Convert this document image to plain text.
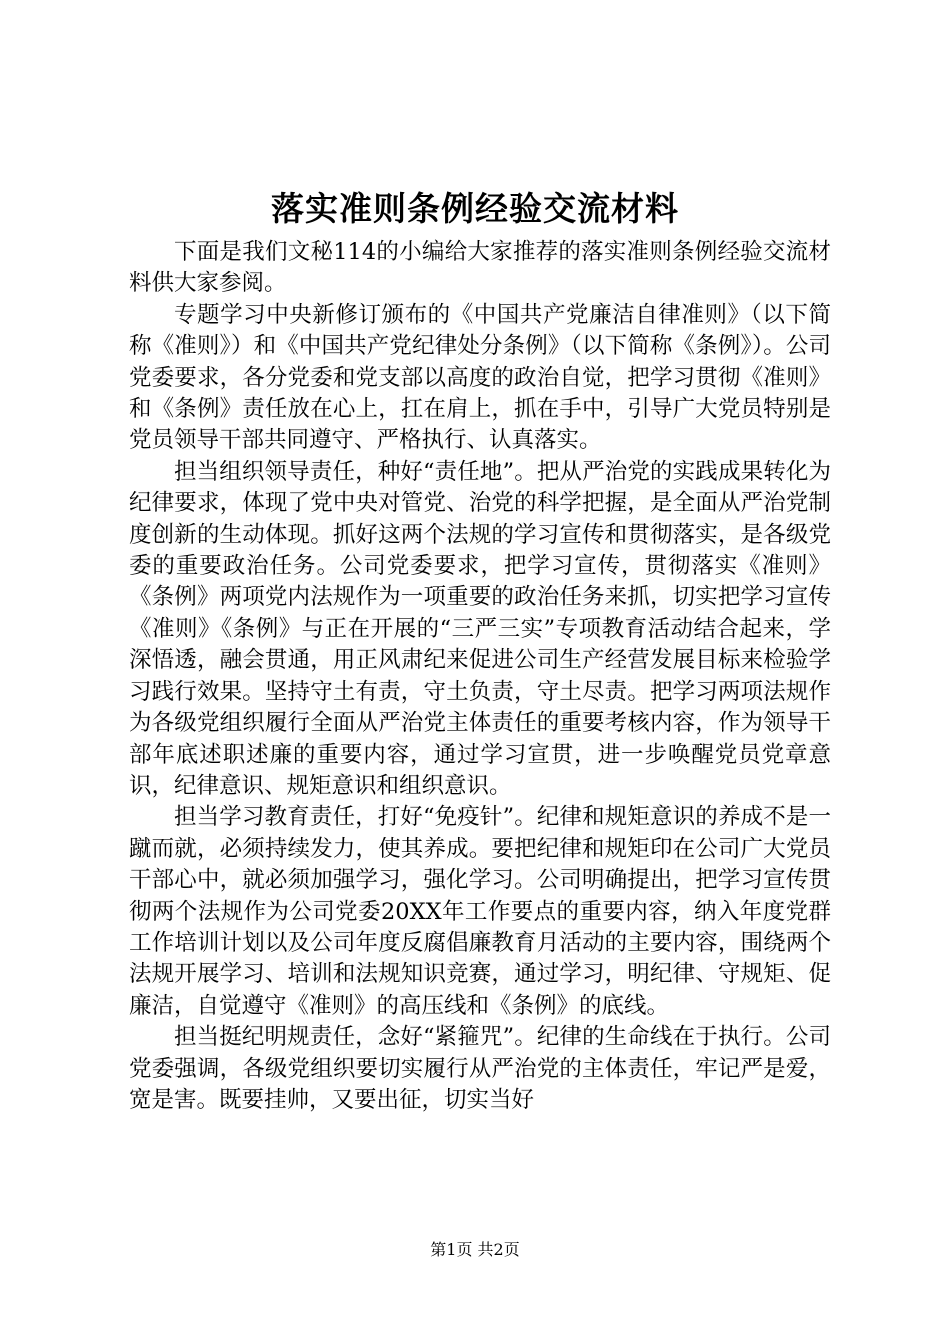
落实准则条例经验交流材料

下面是我们文秘114的小编给大家推荐的落实准则条例经验交流材料供大家参阅。

专题学习中央新修订颁布的《中国共产党廉洁自律准则》（以下简称《准则》）和《中国共产党纪律处分条例》（以下简称《条例》）。公司党委要求，各分党委和党支部以高度的政治自觉，把学习贯彻《准则》和《条例》责任放在心上，扛在肩上，抓在手中，引导广大党员特别是党员领导干部共同遵守、严格执行、认真落实。

担当组织领导责任，种好“责任地”。把从严治党的实践成果转化为纪律要求，体现了党中央对管党、治党的科学把握，是全面从严治党制度创新的生动体现。抓好这两个法规的学习宣传和贯彻落实，是各级党委的重要政治任务。公司党委要求，把学习宣传，贯彻落实《准则》《条例》两项党内法规作为一项重要的政治任务来抓，切实把学习宣传《准则》《条例》与正在开展的“三严三实”专项教育活动结合起来，学深悟透，融会贯通，用正风肃纪来促进公司生产经营发展目标来检验学习践行效果。坚持守土有责，守土负责，守土尽责。把学习两项法规作为各级党组织履行全面从严治党主体责任的重要考核内容，作为领导干部年底述职述廉的重要内容，通过学习宣贯，进一步唤醒党员党章意识，纪律意识、规矩意识和组织意识。

担当学习教育责任，打好“免疫针”。纪律和规矩意识的养成不是一蹴而就，必须持续发力，使其养成。要把纪律和规矩印在公司广大党员干部心中，就必须加强学习，强化学习。公司明确提出，把学习宣传贯彻两个法规作为公司党委20XX年工作要点的重要内容，纳入年度党群工作培训计划以及公司年度反腐倡廉教育月活动的主要内容，围绕两个法规开展学习、培训和法规知识竞赛，通过学习，明纪律、守规矩、促廉洁，自觉遵守《准则》的高压线和《条例》的底线。

担当挺纪明规责任，念好“紧箍咒”。纪律的生命线在于执行。公司党委强调，各级党组织要切实履行从严治党的主体责任，牢记严是爱，宽是害。既要挂帅，又要出征，切实当好

第1页 共2页
